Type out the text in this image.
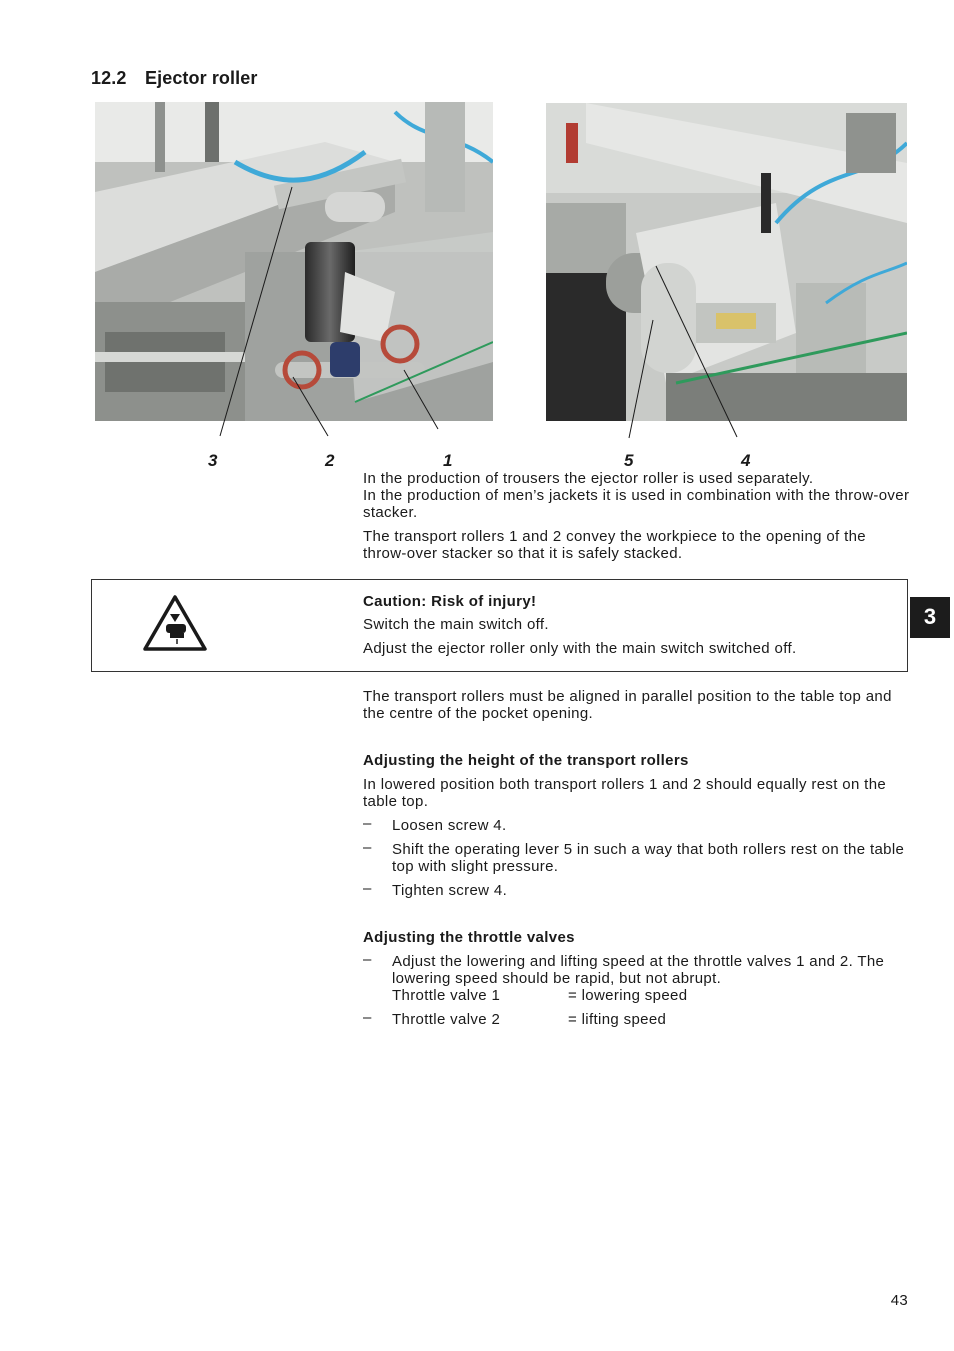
12.2 Ejector roller
3	2	1	5	4

In the production of trousers the ejector roller is used separately.

In the production of men’s jackets it is used in combination with the throw-over stacker.

The transport rollers 1 and 2 convey the workpiece to the opening of the throw-over stacker so that it is safely stacked.

Caution: Risk of injury!

Switch the main switch off.

Adjust the ejector roller only with the main switch switched off.

The transport rollers must be aligned in parallel position to the table top and the centre of the pocket opening.

Adjusting the height of the transport rollers

In lowered position both transport rollers 1 and 2 should equally rest on the table top.

– Loosen screw 4.
– Shift the operating lever 5 in such a way that both rollers rest on the table top with slight pressure.
– Tighten screw 4.

Adjusting the throttle valves

– Adjust the lowering and lifting speed at the throttle valves 1 and 2. The lowering speed should be rapid, but not abrupt.
Throttle valve 1	= lowering speed
– Throttle valve 2	= lifting speed
3
43
